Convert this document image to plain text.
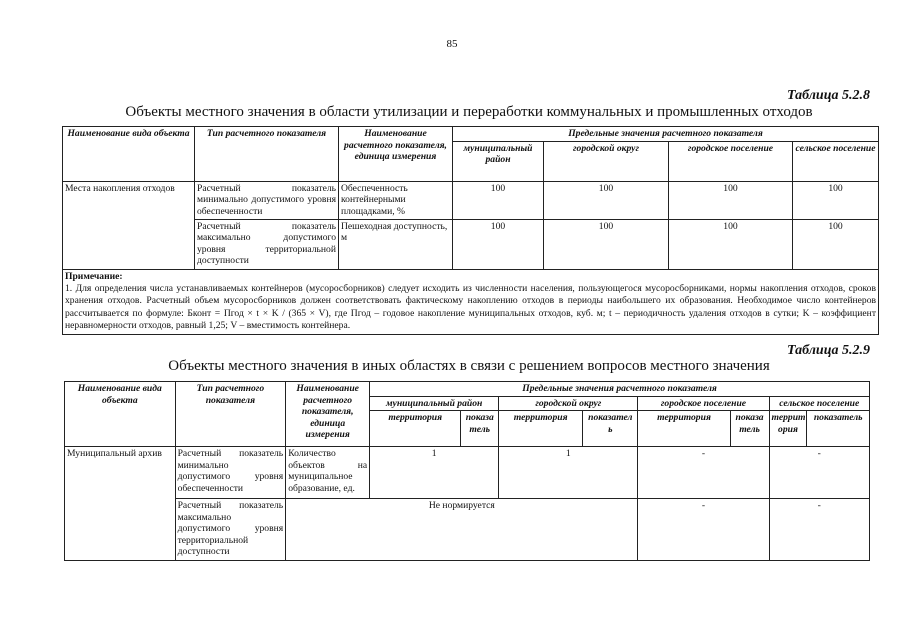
85
Таблица 5.2.8
Объекты местного значения в области утилизации и переработки коммунальных и промышленных отходов
Наименование вида объекта	Тип расчетного показателя	Наименование расчетного показателя, единица измерения	Предельные значения расчетного показателя			
			муниципальный район	городской округ	городское поселение	сельское поселение
Места накопления отходов	Расчетный показатель минимально допустимого уровня обеспеченности	Обеспеченность контейнерными площадками, %	100	100	100	100
	Расчетный показатель максимально допустимого уровня территориальной доступности	Пешеходная доступность, м	100	100	100	100
Примечание:
1. Для определения числа устанавливаемых контейнеров (мусоросборников) следует исходить из численности населения, пользующегося мусоросборниками, нормы накопления отходов, сроков хранения отходов. Расчетный объем мусоросборников должен соответствовать фактическому накоплению отходов в периоды наибольшего их образования. Необходимое число контейнеров рассчитывается по формуле: Бконт = Пгод × t × K / (365 × V), где Пгод – годовое накопление муниципальных отходов, куб. м; t – периодичность удаления отходов в сутки; K – коэффициент неравномерности отходов, равный 1,25; V – вместимость контейнера.						
Таблица 5.2.9
Объекты местного значения в иных областях в связи с решением вопросов местного значения
Наименование вида объекта	Тип расчетного показателя	Наименование расчетного показателя, единица измерения	Предельные значения расчетного показателя							
			муниципальный район		городской округ		городское поселение		сельское поселение	
			территория	показа тель	территория	показател ь	территория	показа тель	террит ория	показатель
Муниципальный архив	Расчетный показатель минимально допустимого уровня обеспеченности	Количество объектов на муниципальное образование, ед.	1		1		-		-	
	Расчетный показатель максимально допустимого уровня территориальной доступности	Не нормируется					-		-	
